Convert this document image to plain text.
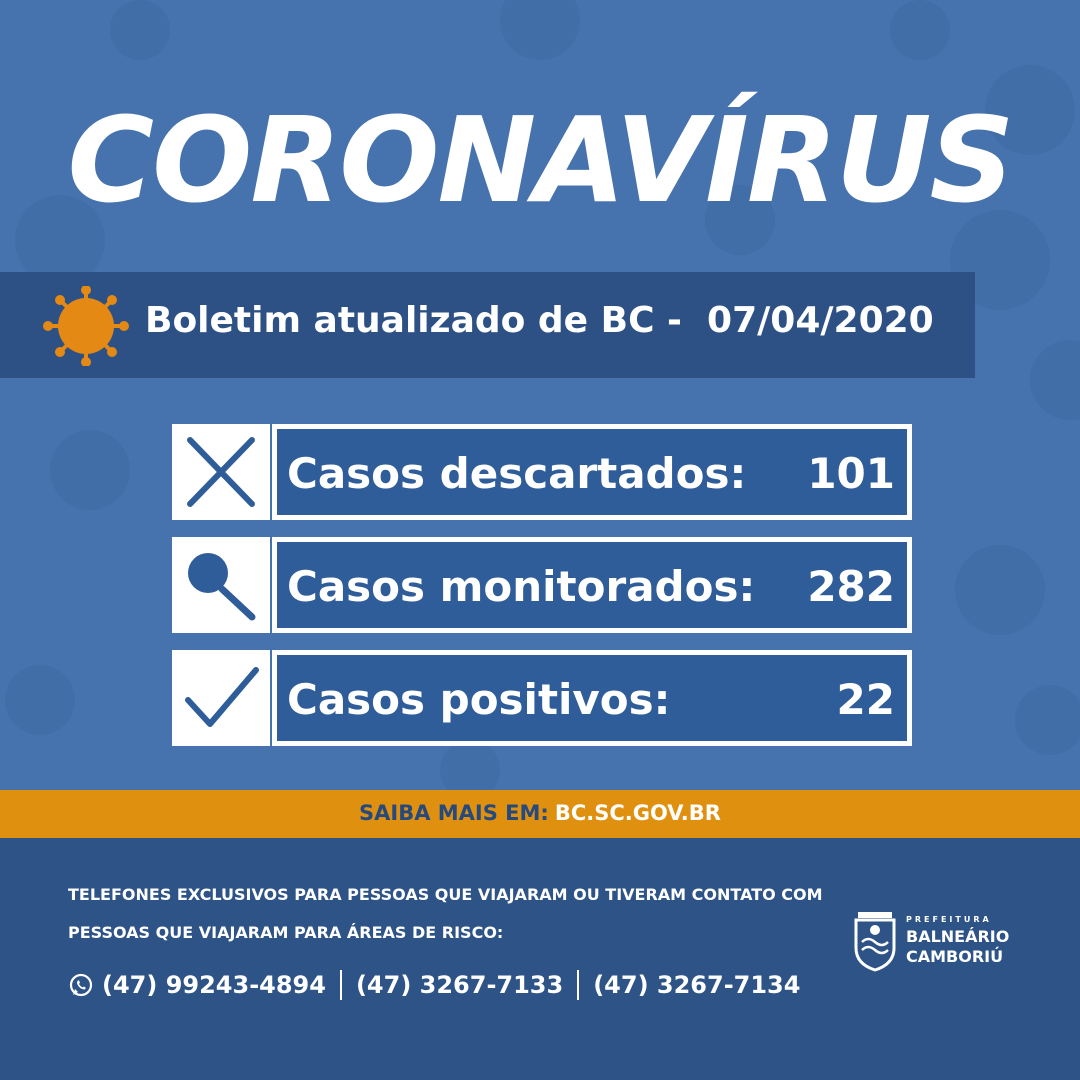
CORONAVÍRUS
Boletim atualizado de BC -  07/04/2020
Casos descartados: 101
Casos monitorados: 282
Casos positivos:	22
SAIBA MAIS EM: BC.SC.GOV.BR
TELEFONES EXCLUSIVOS PARA PESSOAS QUE VIAJARAM OU TIVERAM CONTATO COM
PESSOAS QUE VIAJARAM PARA ÁREAS DE RISCO:
(47) 99243-4894 (47) 3267-7133 (47) 3267-7134
PREFEITURA
BALNEÁRIO
CAMBORIÚ
